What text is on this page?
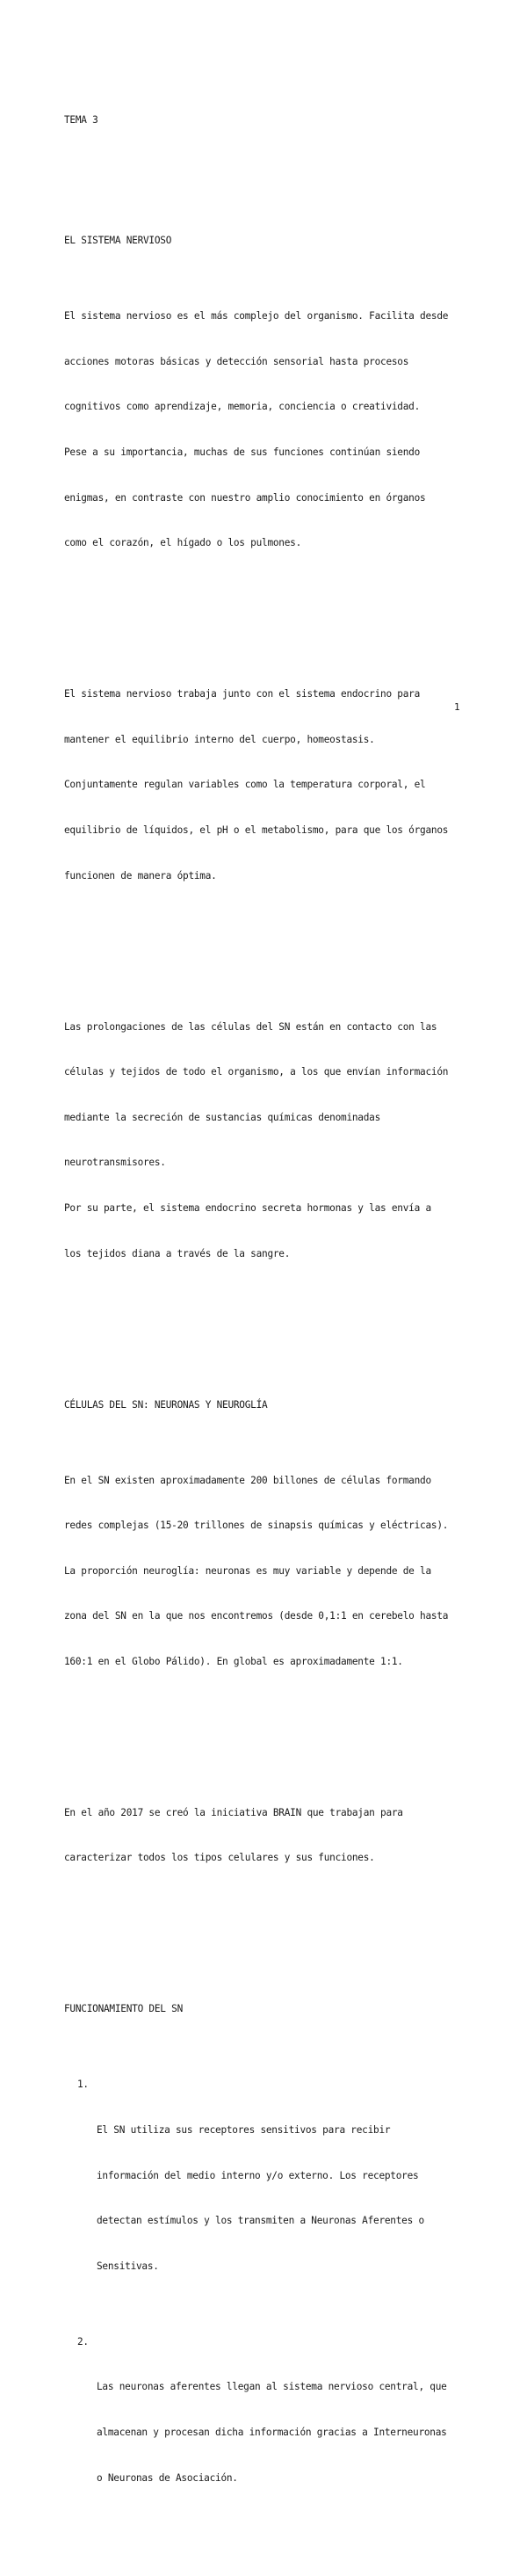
TEMA 3

EL SISTEMA NERVIOSO

El sistema nervioso es el más complejo del organismo. Facilita desde

acciones motoras básicas y detección sensorial hasta procesos

cognitivos como aprendizaje, memoria, conciencia o creatividad.

Pese a su importancia, muchas de sus funciones continúan siendo

enigmas, en contraste con nuestro amplio conocimiento en órganos

como el corazón, el hígado o los pulmones.

El sistema nervioso trabaja junto con el sistema endocrino para

mantener el equilibrio interno del cuerpo, homeostasis.

Conjuntamente regulan variables como la temperatura corporal, el

equilibrio de líquidos, el pH o el metabolismo, para que los órganos

funcionen de manera óptima.

Las prolongaciones de las células del SN están en contacto con las

células y tejidos de todo el organismo, a los que envían información

mediante la secreción de sustancias químicas denominadas

neurotransmisores.

Por su parte, el sistema endocrino secreta hormonas y las envía a

los tejidos diana a través de la sangre.

CÉLULAS DEL SN: NEURONAS Y NEUROGLÍA

En el SN existen aproximadamente 200 billones de células formando

redes complejas (15-20 trillones de sinapsis químicas y eléctricas).

La proporción neuroglía: neuronas es muy variable y depende de la

zona del SN en la que nos encontremos (desde 0,1:1 en cerebelo hasta

160:1 en el Globo Pálido). En global es aproximadamente 1:1.

En el año 2017 se creó la iniciativa BRAIN que trabajan para

caracterizar todos los tipos celulares y sus funciones.

FUNCIONAMIENTO DEL SN

1.

El SN utiliza sus receptores sensitivos para recibir

información del medio interno y/o externo. Los receptores

detectan estímulos y los transmiten a Neuronas Aferentes o

Sensitivas.

2.

Las neuronas aferentes llegan al sistema nervioso central, que

almacenan y procesan dicha información gracias a Interneuronas

o Neuronas de Asociación.

1
